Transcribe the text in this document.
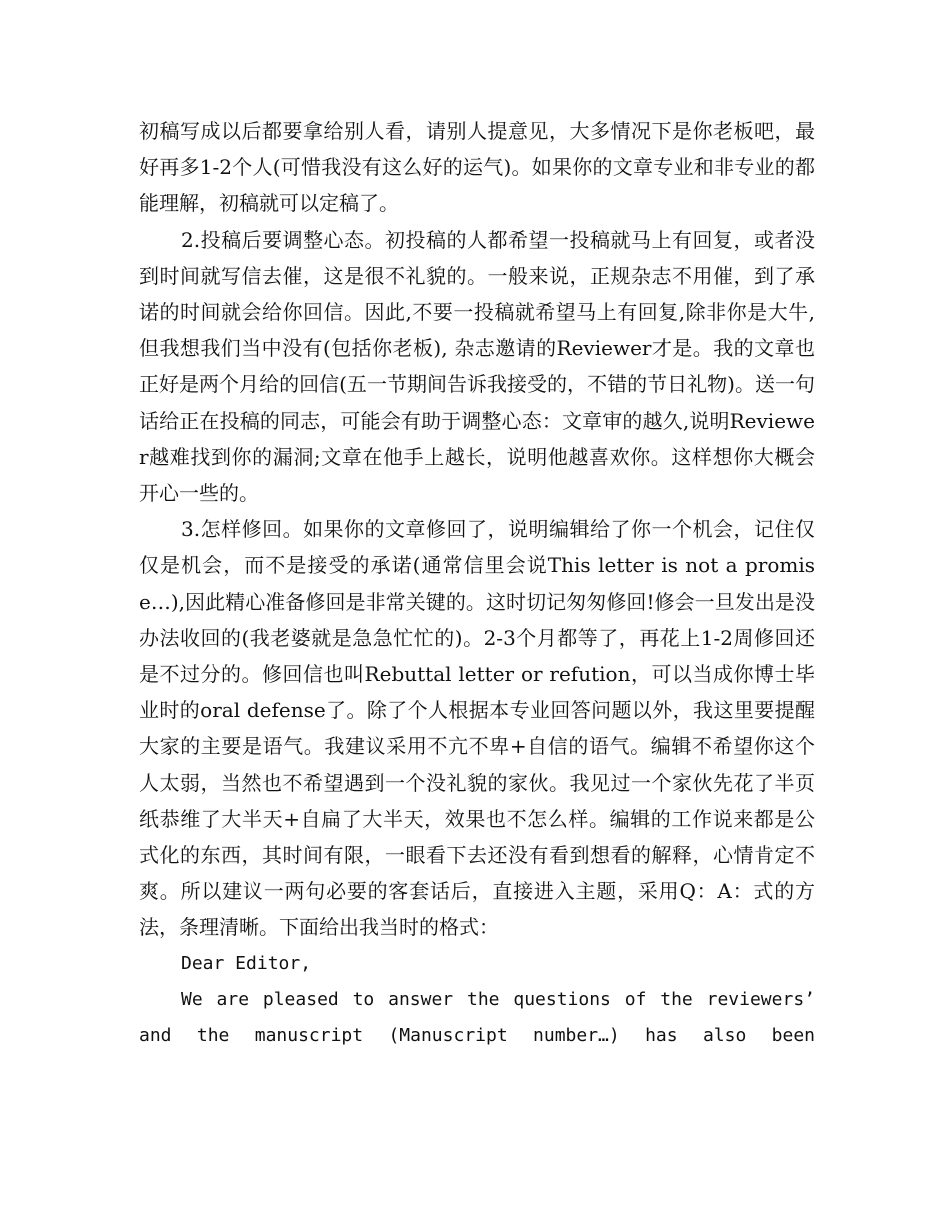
初稿写成以后都要拿给别人看，请别人提意见，大多情况下是你老板吧，最好再多1-2个人(可惜我没有这么好的运气)。如果你的文章专业和非专业的都能理解，初稿就可以定稿了。

2.投稿后要调整心态。初投稿的人都希望一投稿就马上有回复，或者没到时间就写信去催，这是很不礼貌的。一般来说，正规杂志不用催，到了承诺的时间就会给你回信。因此,不要一投稿就希望马上有回复,除非你是大牛,但我想我们当中没有(包括你老板), 杂志邀请的Reviewer才是。我的文章也正好是两个月给的回信(五一节期间告诉我接受的，不错的节日礼物)。送一句话给正在投稿的同志，可能会有助于调整心态：文章审的越久,说明Reviewer越难找到你的漏洞;文章在他手上越长，说明他越喜欢你。这样想你大概会开心一些的。

3.怎样修回。如果你的文章修回了，说明编辑给了你一个机会，记住仅仅是机会，而不是接受的承诺(通常信里会说This letter is not a promise…),因此精心准备修回是非常关键的。这时切记匆匆修回!修会一旦发出是没办法收回的(我老婆就是急急忙忙的)。2-3个月都等了，再花上1-2周修回还是不过分的。修回信也叫Rebuttal letter or refution，可以当成你博士毕业时的oral defense了。除了个人根据本专业回答问题以外，我这里要提醒大家的主要是语气。我建议采用不亢不卑+自信的语气。编辑不希望你这个人太弱，当然也不希望遇到一个没礼貌的家伙。我见过一个家伙先花了半页纸恭维了大半天+自扁了大半天，效果也不怎么样。编辑的工作说来都是公式化的东西，其时间有限，一眼看下去还没有看到想看的解释，心情肯定不爽。所以建议一两句必要的客套话后，直接进入主题，采用Q：A：式的方法，条理清晰。下面给出我当时的格式：

Dear Editor,

We are pleased to answer the questions of the reviewers’ and the manuscript (Manuscript number…) has also been
